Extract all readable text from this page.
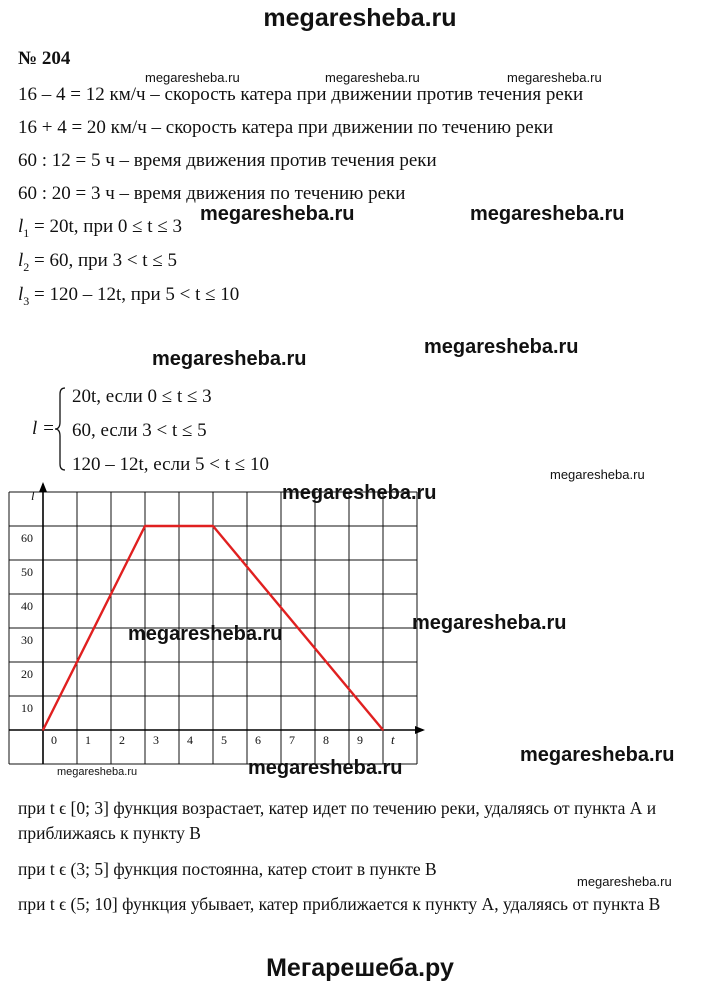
megaresheba.ru
№ 204
megaresheba.ru	megaresheba.ru	megaresheba.ru
16 – 4 = 12 км/ч – скорость катера при движении против течения реки
16 + 4 = 20 км/ч – скорость катера при движении по течению реки
60 : 12 = 5 ч – время движения против течения реки
60 : 20 = 3 ч – время движения по течению реки
$l_1 = 20t$, при 0 ≤ t ≤ 3
$l_2 = 60$, при 3 < t ≤ 5
$l_3 = 120 - 12t$, при 5 < t ≤ 10
megaresheba.ru	megaresheba.ru
megaresheba.ru
megaresheba.ru
l =
20t, если 0 ≤ t ≤ 3
60, если 3 < t ≤ 5
120 – 12t, если 5 < t ≤ 10	megaresheba.ru
0 1 2 3 4 5 6 7 8 9
10
20
30
40
50
60
t
l	megaresheba.ru
megaresheba.ru	megaresheba.ru
megaresheba.ru
megaresheba.ru
megaresheba.ru
при t ϵ [0; 3] функция возрастает, катер идет по течению реки, удаляясь от пункта А и приближаясь к пункту В
при t ϵ (3; 5] функция постоянна, катер стоит в пункте В
megaresheba.ru
при t ϵ (5; 10] функция убывает, катер приближается к пункту А, удаляясь от пункта В
Мегарешеба.ру
